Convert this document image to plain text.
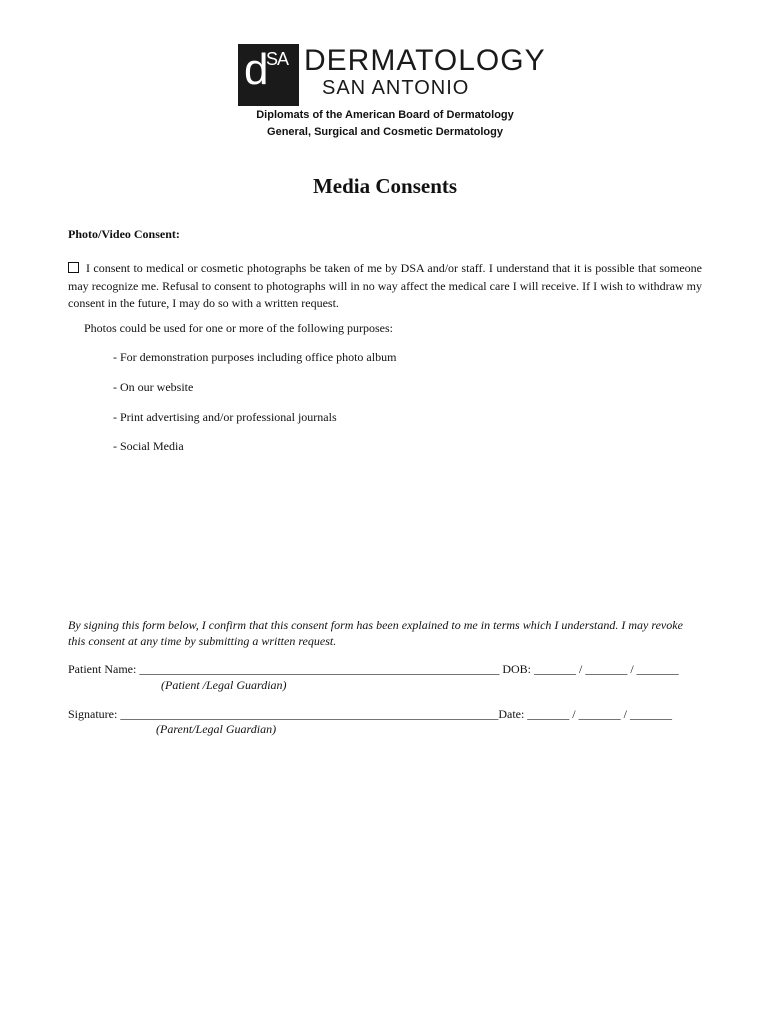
d
SA DERMATOLOGY
SAN ANTONIO
Diplomats of the American Board of Dermatology
General, Surgical and Cosmetic Dermatology
Media Consents
Photo/Video Consent:
I consent to medical or cosmetic photographs be taken of me by DSA and/or staff. I understand that it is possible that someone may recognize me. Refusal to consent to photographs will in no way affect the medical care I will receive. If I wish to withdraw my consent in the future, I may do so with a written request.
Photos could be used for one or more of the following purposes:
- For demonstration purposes including office photo album
- On our website
- Print advertising and/or professional journals
- Social Media
By signing this form below, I confirm that this consent form has been explained to me in terms which I understand. I may revoke this consent at any time by submitting a written request.
Patient Name: ____________________________________________________________ DOB: _______ / _______ / _______
(Patient /Legal Guardian)
Signature: _______________________________________________________________Date: _______ / _______ / _______
(Parent/Legal Guardian)
